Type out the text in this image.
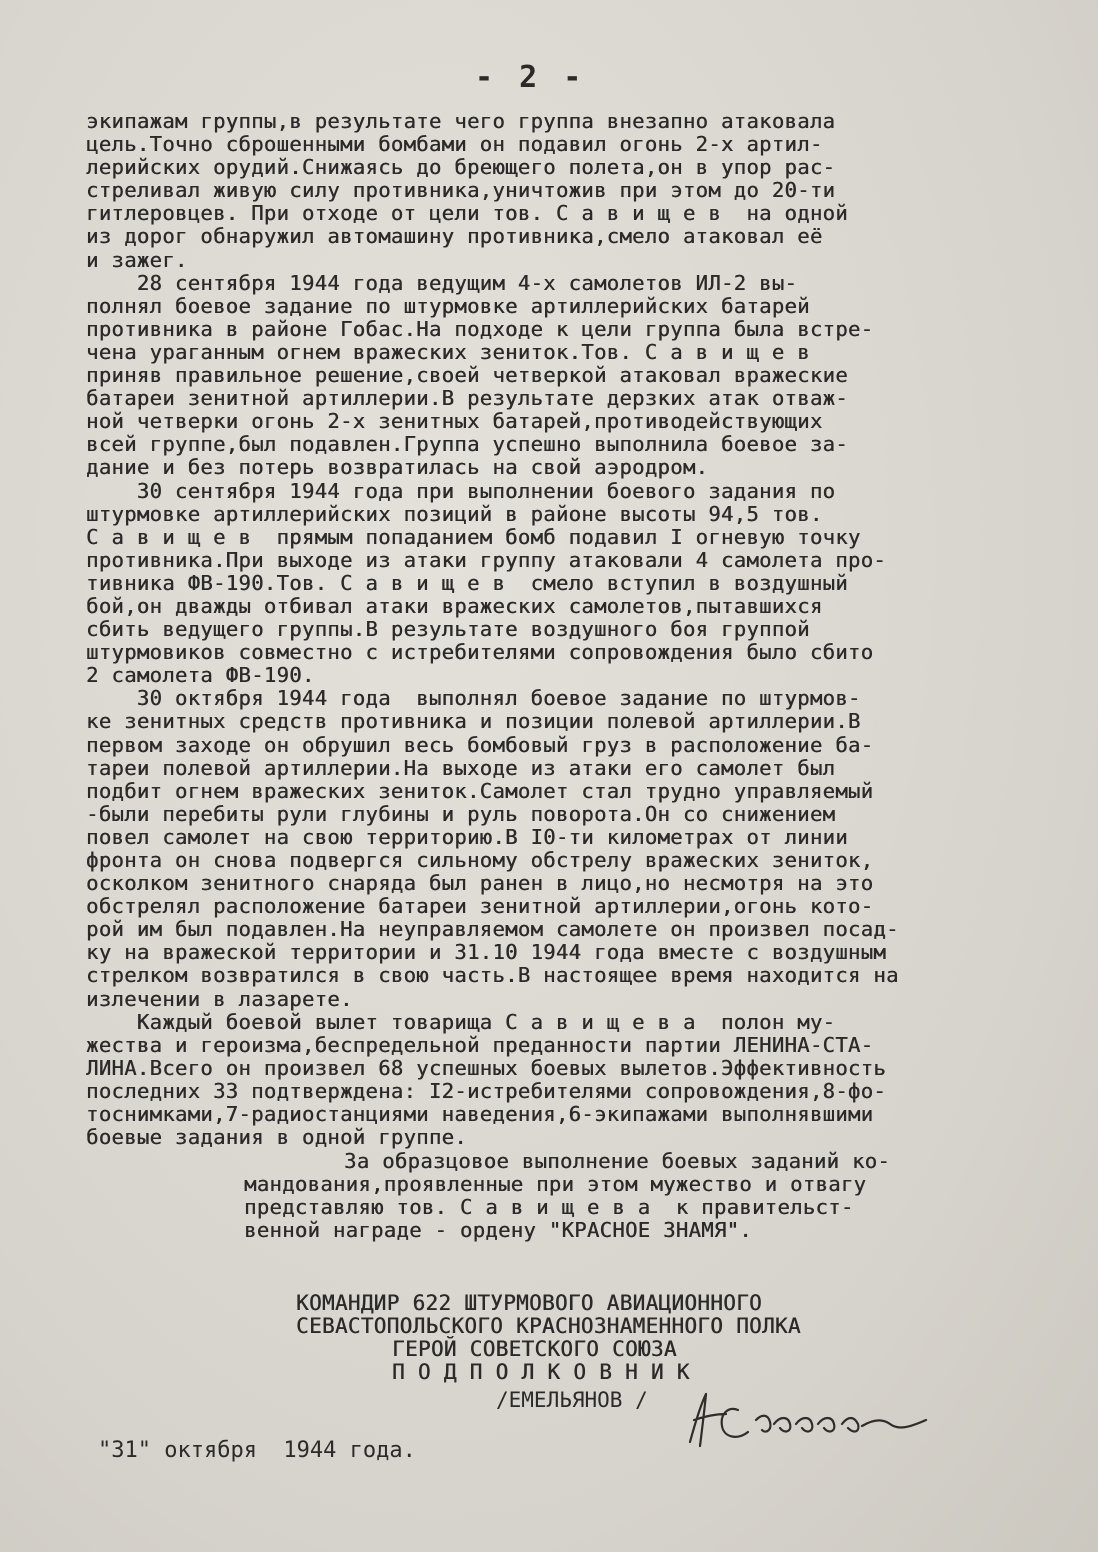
- 2 -
экипажам группы,в результате чего группа внезапно атаковала
цель.Точно сброшенными бомбами он подавил огонь 2-х артил-
лерийских орудий.Снижаясь до бреющего полета,он в упор рас-
стреливал живую силу противника,уничтожив при этом до 20-ти
гитлеровцев. При отходе от цели тов. С а в и щ е в  на одной
из дорог обнаружил автомашину противника,смело атаковал её
и зажег.
28 сентября 1944 года ведущим 4-х самолетов ИЛ-2 вы-
полнял боевое задание по штурмовке артиллерийских батарей
противника в районе Гобас.На подходе к цели группа была встре-
чена ураганным огнем вражеских зениток.Тов. С а в и щ е в
приняв правильное решение,своей четверкой атаковал вражеские
батареи зенитной артиллерии.В результате дерзких атак отваж-
ной четверки огонь 2-х зенитных батарей,противодействующих
всей группе,был подавлен.Группа успешно выполнила боевое за-
дание и без потерь возвратилась на свой аэродром.
30 сентября 1944 года при выполнении боевого задания по
штурмовке артиллерийских позиций в районе высоты 94,5 тов.
С а в и щ е в  прямым попаданием бомб подавил I огневую точку
противника.При выходе из атаки группу атаковали 4 самолета про-
тивника ФВ-190.Тов. С а в и щ е в  смело вступил в воздушный
бой,он дважды отбивал атаки вражеских самолетов,пытавшихся
сбить ведущего группы.В результате воздушного боя группой
штурмовиков совместно с истребителями сопровождения было сбито
2 самолета ФВ-190.
30 октября 1944 года  выполнял боевое задание по штурмов-
ке зенитных средств противника и позиции полевой артиллерии.В
первом заходе он обрушил весь бомбовый груз в расположение ба-
тареи полевой артиллерии.На выходе из атаки его самолет был
подбит огнем вражеских зениток.Самолет стал трудно управляемый
-были перебиты рули глубины и руль поворота.Он со снижением
повел самолет на свою территорию.В I0-ти километрах от линии
фронта он снова подвергся сильному обстрелу вражеских зениток,
осколком зенитного снаряда был ранен в лицо,но несмотря на это
обстрелял расположение батареи зенитной артиллерии,огонь кото-
рой им был подавлен.На неуправляемом самолете он произвел посад-
ку на вражеской территории и 31.10 1944 года вместе с воздушным
стрелком возвратился в свою часть.В настоящее время находится на
излечении в лазарете.
Каждый боевой вылет товарища С а в и щ е в а  полон му-
жества и героизма,беспредельной преданности партии ЛЕНИНА-СТА-
ЛИНА.Всего он произвел 68 успешных боевых вылетов.Эффективность
последних 33 подтверждена: I2-истребителями сопровождения,8-фо-
тоснимками,7-радиостанциями наведения,6-экипажами выполнявшими
боевые задания в одной группе.
За образцовое выполнение боевых заданий ко-
мандования,проявленные при этом мужество и отвагу
представляю тов. С а в и щ е в а  к правительст-
венной награде - ордену "КРАСНОЕ ЗНАМЯ".
КОМАНДИР 622 ШТУРМОВОГО АВИАЦИОННОГО
СЕВАСТОПОЛЬСКОГО КРАСНОЗНАМЕННОГО ПОЛКА
ГЕРОЙ СОВЕТСКОГО СОЮЗА
П О Д П О Л К О В Н И К
/ЕМЕЛЬЯНОВ /
"31" октября  1944 года.
